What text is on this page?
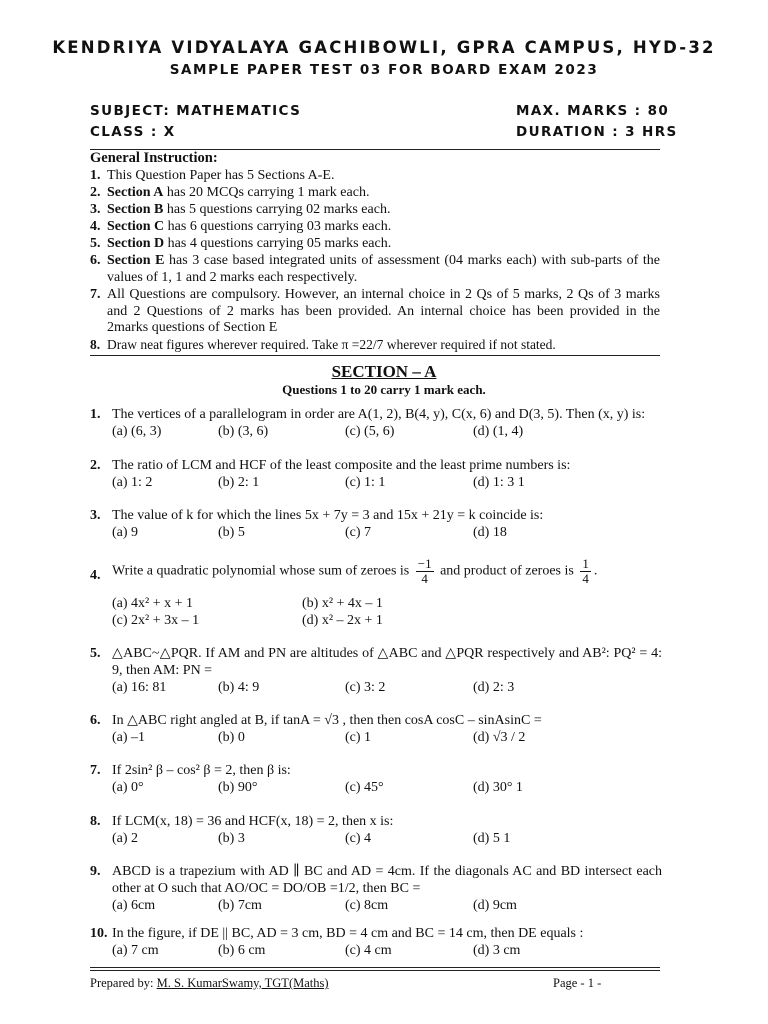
KENDRIYA VIDYALAYA GACHIBOWLI, GPRA CAMPUS, HYD-32
SAMPLE PAPER TEST 03 FOR BOARD EXAM 2023
SUBJECT: MATHEMATICS	MAX. MARKS : 80
CLASS : X	DURATION : 3 HRS
General Instruction:
1. This Question Paper has 5 Sections A-E.
2. Section A has 20 MCQs carrying 1 mark each.
3. Section B has 5 questions carrying 02 marks each.
4. Section C has 6 questions carrying 03 marks each.
5. Section D has 4 questions carrying 05 marks each.
6. Section E has 3 case based integrated units of assessment (04 marks each) with sub-parts of the values of 1, 1 and 2 marks each respectively.
7. All Questions are compulsory. However, an internal choice in 2 Qs of 5 marks, 2 Qs of 3 marks and 2 Questions of 2 marks has been provided. An internal choice has been provided in the 2marks questions of Section E
8. Draw neat figures wherever required. Take π =22/7 wherever required if not stated.
SECTION – A
Questions 1 to 20 carry 1 mark each.
1. The vertices of a parallelogram in order are A(1, 2), B(4, y), C(x, 6) and D(3, 5). Then (x, y) is:
(a) (6, 3)	(b) (3, 6)	(c) (5, 6)	(d) (1, 4)
2. The ratio of LCM and HCF of the least composite and the least prime numbers is:
(a) 1: 2	(b) 2: 1	(c) 1: 1	(d) 1: 3 1
3. The value of k for which the lines 5x + 7y = 3 and 15x + 21y = k coincide is:
(a) 9	(b) 5	(c) 7	(d) 18
4. Write a quadratic polynomial whose sum of zeroes is $\frac{-1}{4}$ and product of zeroes is $\frac{1}{4}$ .
(a) 4x² + x + 1	(b) x² + 4x – 1
(c) 2x² + 3x – 1	(d) x² – 2x + 1
5. △ABC~△PQR. If AM and PN are altitudes of △ABC and △PQR respectively and AB²: PQ² = 4: 9, then AM: PN =
(a) 16: 81	(b) 4: 9	(c) 3: 2	(d) 2: 3
6. In △ABC right angled at B, if tanA = √3 , then then cosA cosC – sinAsinC =
(a) –1	(b) 0	(c) 1	(d) √3 / 2
7. If 2sin² β – cos² β = 2, then β is:
(a) 0°	(b) 90°	(c) 45°	(d) 30° 1
8. If LCM(x, 18) = 36 and HCF(x, 18) = 2, then x is:
(a) 2	(b) 3	(c) 4	(d) 5 1
9. ABCD is a trapezium with AD ∥ BC and AD = 4cm. If the diagonals AC and BD intersect each other at O such that AO/OC = DO/OB =1/2, then BC =
(a) 6cm	(b) 7cm	(c) 8cm	(d) 9cm
10. In the figure, if DE || BC, AD = 3 cm, BD = 4 cm and BC = 14 cm, then DE equals :
(a) 7 cm	(b) 6 cm	(c) 4 cm	(d) 3 cm
Prepared by: M. S. KumarSwamy, TGT(Maths)	Page - 1 -
